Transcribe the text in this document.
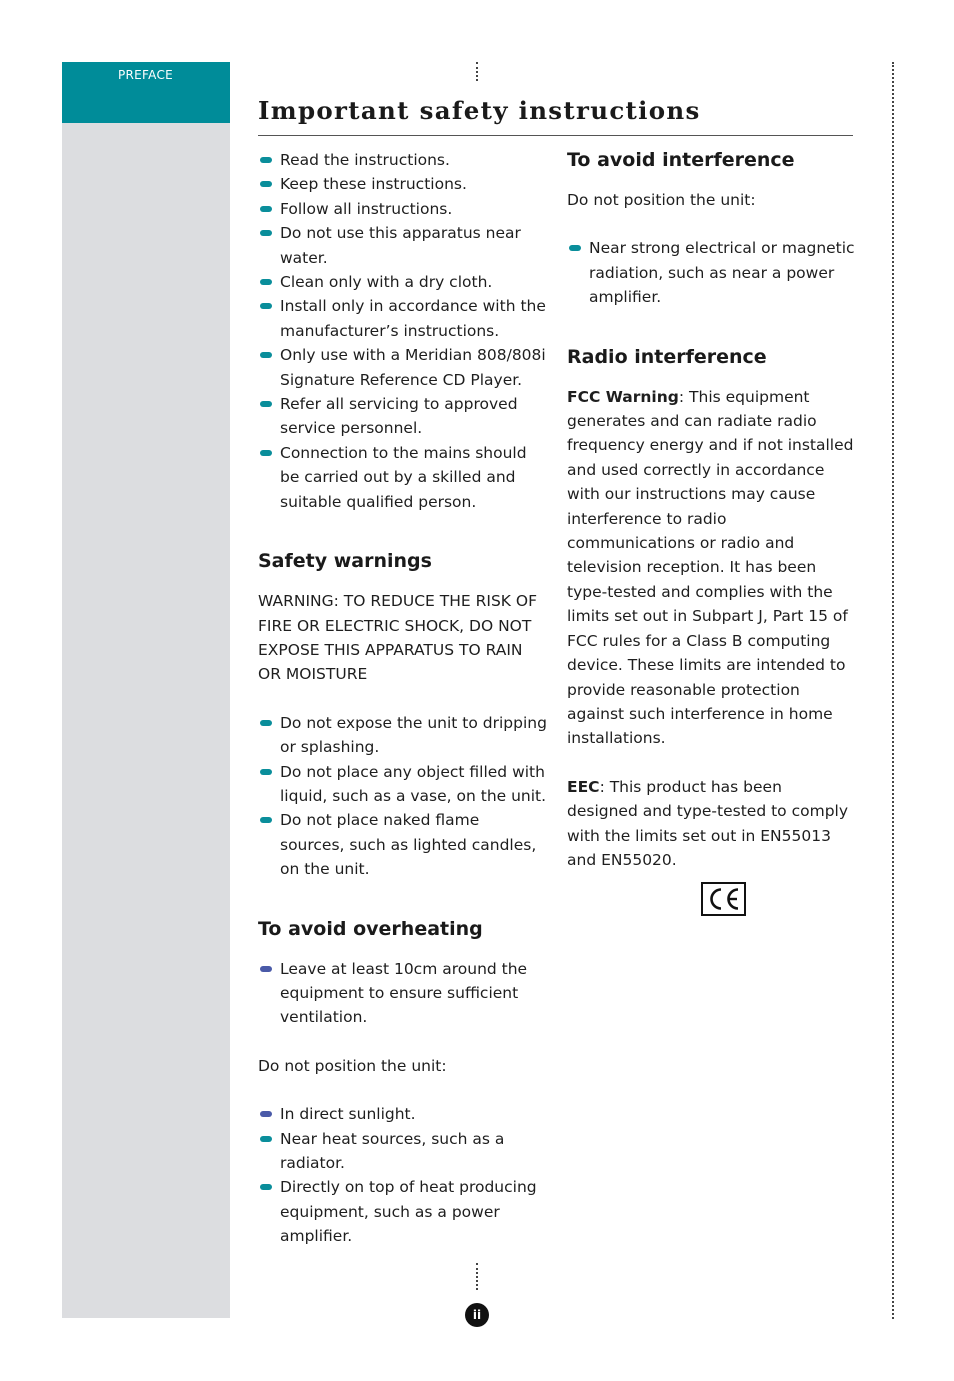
PREFACE
Important safety instructions
Read the instructions.
Keep these instructions.
Follow all instructions.
Do not use this apparatus near water.
Clean only with a dry cloth.
Install only in accordance with the manufacturer’s instructions.
Only use with a Meridian 808/808i Signature Reference CD Player.
Refer all servicing to approved service personnel.
Connection to the mains should be carried out by a skilled and suitable qualified person.
Safety warnings

WARNING: TO REDUCE THE RISK OF FIRE OR ELECTRIC SHOCK, DO NOT EXPOSE THIS APPARATUS TO RAIN OR MOISTURE

Do not expose the unit to dripping or splashing.
Do not place any object filled with liquid, such as a vase, on the unit.
Do not place naked flame sources, such as lighted candles, on the unit.
To avoid overheating
Leave at least 10cm around the equipment to ensure sufficient ventilation.

Do not position the unit:

In direct sunlight.
Near heat sources, such as a radiator.
Directly on top of heat producing equipment, such as a power amplifier.
To avoid interference

Do not position the unit:

Near strong electrical or magnetic radiation, such as near a power amplifier.
Radio interference

FCC Warning: This equipment generates and can radiate radio frequency energy and if not installed and used correctly in accordance with our instructions may cause interference to radio communications or radio and television reception. It has been type-tested and complies with the limits set out in Subpart J, Part 15 of FCC rules for a Class B computing device. These limits are intended to provide reasonable protection against such interference in home installations.

EEC: This product has been designed and type-tested to comply with the limits set out in EN55013 and EN55020.

ii
